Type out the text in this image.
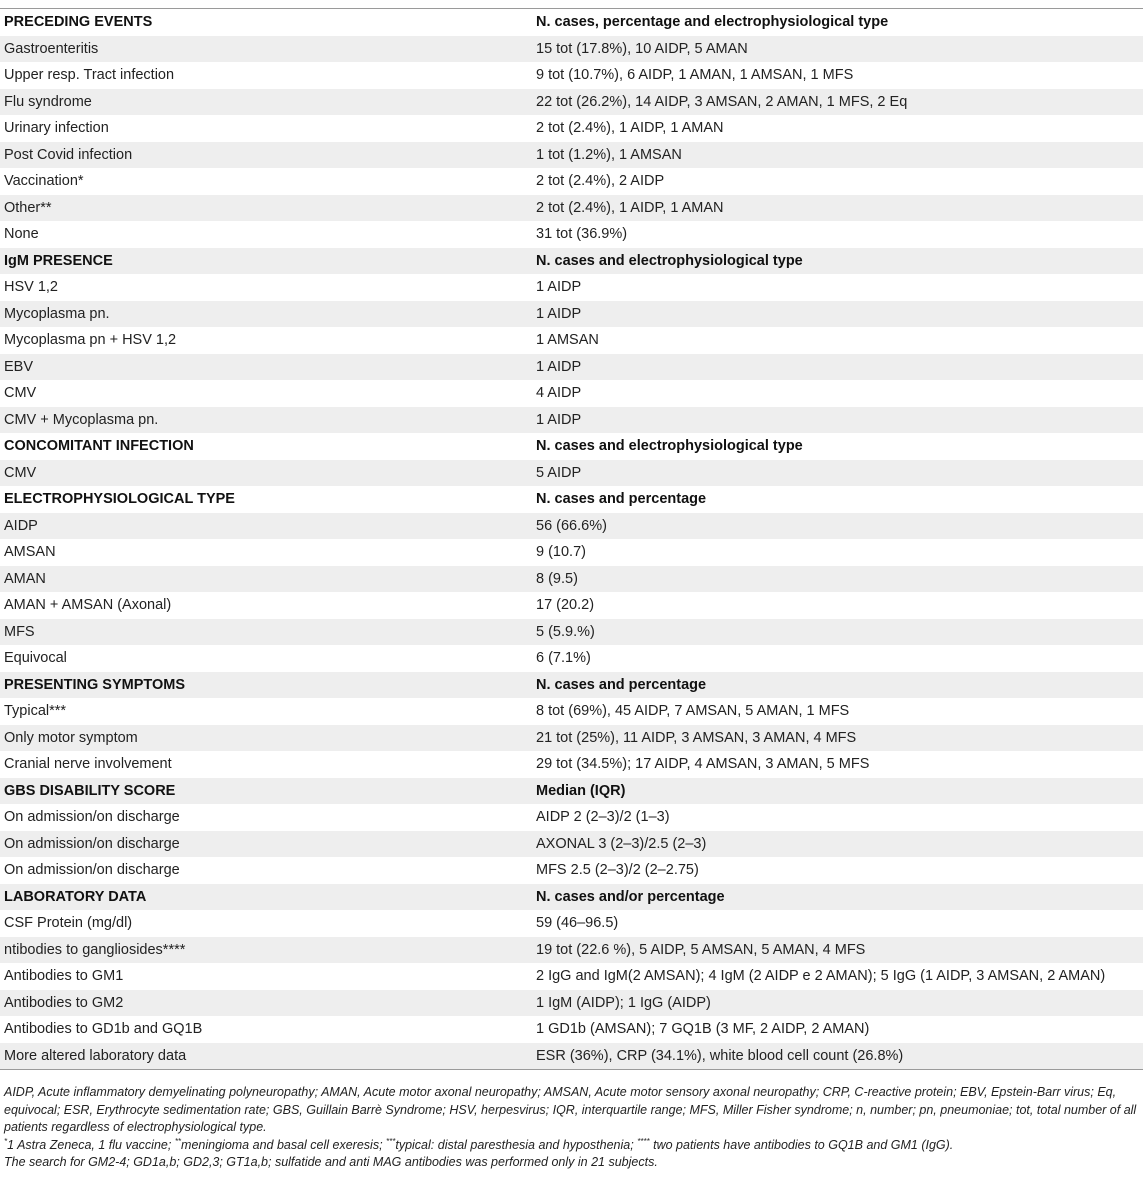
PRECEDING EVENTS	N. cases, percentage and electrophysiological type
Gastroenteritis	15 tot (17.8%), 10 AIDP, 5 AMAN
Upper resp. Tract infection	9 tot (10.7%), 6 AIDP, 1 AMAN, 1 AMSAN, 1 MFS
Flu syndrome	22 tot (26.2%), 14 AIDP, 3 AMSAN, 2 AMAN, 1 MFS, 2 Eq
Urinary infection	2 tot (2.4%), 1 AIDP, 1 AMAN
Post Covid infection	1 tot (1.2%), 1 AMSAN
Vaccination*	2 tot (2.4%), 2 AIDP
Other**	2 tot (2.4%), 1 AIDP, 1 AMAN
None	31 tot (36.9%)
IgM PRESENCE	N. cases and electrophysiological type
HSV 1,2	1 AIDP
Mycoplasma pn.	1 AIDP
Mycoplasma pn + HSV 1,2	1 AMSAN
EBV	1 AIDP
CMV	4 AIDP
CMV + Mycoplasma pn.	1 AIDP
CONCOMITANT INFECTION	N. cases and electrophysiological type
CMV	5 AIDP
ELECTROPHYSIOLOGICAL TYPE	N. cases and percentage
AIDP	56 (66.6%)
AMSAN	9 (10.7)
AMAN	8 (9.5)
AMAN + AMSAN (Axonal)	17 (20.2)
MFS	5 (5.9.%)
Equivocal	6 (7.1%)
PRESENTING SYMPTOMS	N. cases and percentage
Typical***	8 tot (69%), 45 AIDP, 7 AMSAN, 5 AMAN, 1 MFS
Only motor symptom	21 tot (25%), 11 AIDP, 3 AMSAN, 3 AMAN, 4 MFS
Cranial nerve involvement	29 tot (34.5%); 17 AIDP, 4 AMSAN, 3 AMAN, 5 MFS
GBS DISABILITY SCORE	Median (IQR)
On admission/on discharge	AIDP 2 (2–3)/2 (1–3)
On admission/on discharge	AXONAL 3 (2–3)/2.5 (2–3)
On admission/on discharge	MFS 2.5 (2–3)/2 (2–2.75)
LABORATORY DATA	N. cases and/or percentage
CSF Protein (mg/dl)	59 (46–96.5)
ntibodies to gangliosides****	19 tot (22.6 %), 5 AIDP, 5 AMSAN, 5 AMAN, 4 MFS
Antibodies to GM1	2 IgG and IgM(2 AMSAN); 4 IgM (2 AIDP e 2 AMAN); 5 IgG (1 AIDP, 3 AMSAN, 2 AMAN)
Antibodies to GM2	1 IgM (AIDP); 1 IgG (AIDP)
Antibodies to GD1b and GQ1B	1 GD1b (AMSAN); 7 GQ1B (3 MF, 2 AIDP, 2 AMAN)
More altered laboratory data	ESR (36%), CRP (34.1%), white blood cell count (26.8%)

AIDP, Acute inflammatory demyelinating polyneuropathy; AMAN, Acute motor axonal neuropathy; AMSAN, Acute motor sensory axonal neuropathy; CRP, C-reactive protein; EBV, Epstein-Barr virus; Eq, equivocal; ESR, Erythrocyte sedimentation rate; GBS, Guillain Barrè Syndrome; HSV, herpesvirus; IQR, interquartile range; MFS, Miller Fisher syndrome; n, number; pn, pneumoniae; tot, total number of all patients regardless of electrophysiological type.

*1 Astra Zeneca, 1 flu vaccine; **meningioma and basal cell exeresis; ***typical: distal paresthesia and hyposthenia; **** two patients have antibodies to GQ1B and GM1 (IgG).

The search for GM2-4; GD1a,b; GD2,3; GT1a,b; sulfatide and anti MAG antibodies was performed only in 21 subjects.
